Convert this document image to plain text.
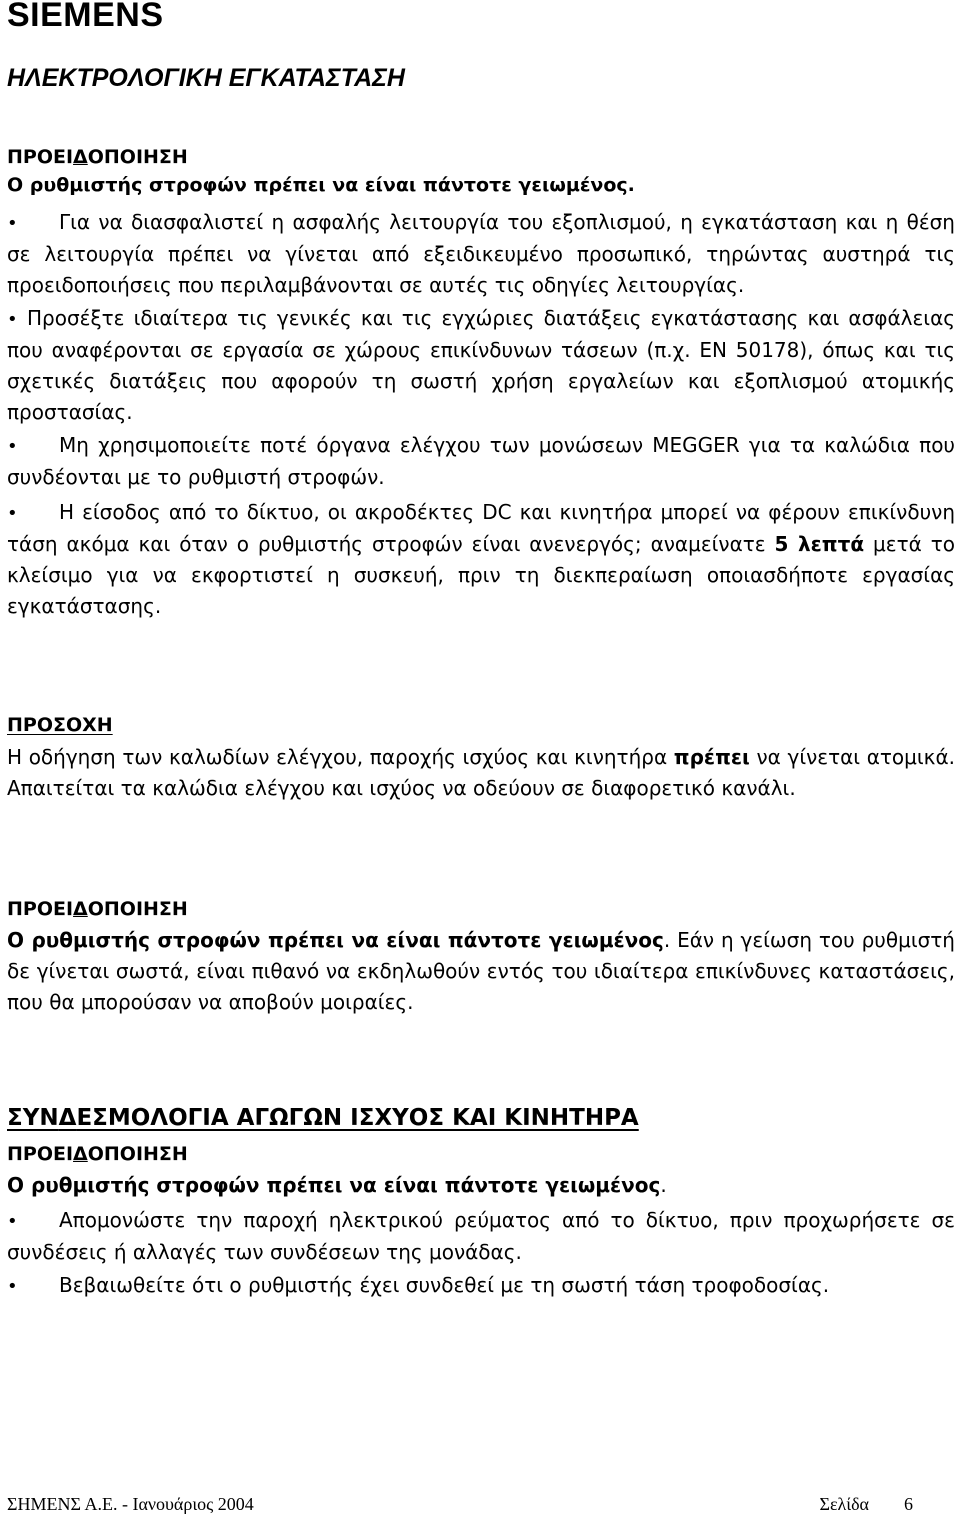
SIEMENS
ΗΛΕΚΤΡΟΛΟΓΙΚΗ ΕΓΚΑΤΑΣΤΑΣΗ
ΠΡΟΕΙΔΟΠΟΙΗΣΗ
Ο ρυθμιστής στροφών πρέπει να είναι πάντοτε γειωμένος.

• Για να διασφαλιστεί η ασφαλής λειτουργία του εξοπλισμού, η εγκατάσταση και η θέση σε λειτουργία πρέπει να γίνεται από εξειδικευμένο προσωπικό, τηρώντας αυστηρά τις προειδοποιήσεις που περιλαμβάνονται σε αυτές τις οδηγίες λειτουργίας.

• Προσέξτε ιδιαίτερα τις γενικές και τις εγχώριες διατάξεις εγκατάστασης και ασφάλειας που αναφέρονται σε εργασία σε χώρους επικίνδυνων τάσεων (π.χ. EN 50178), όπως και τις σχετικές διατάξεις που αφορούν τη σωστή χρήση εργαλείων και εξοπλισμού ατομικής προστασίας.

• Μη χρησιμοποιείτε ποτέ όργανα ελέγχου των μονώσεων MEGGER για τα καλώδια που συνδέονται με το ρυθμιστή στροφών.

• Η είσοδος από το δίκτυο, οι ακροδέκτες DC και κινητήρα μπορεί να φέρουν επικίνδυνη τάση ακόμα και όταν ο ρυθμιστής στροφών είναι ανενεργός; αναμείνατε 5 λεπτά μετά το κλείσιμο για να εκφορτιστεί η συσκευή, πριν τη διεκπεραίωση οποιασδήποτε εργασίας εγκατάστασης.

ΠΡΟΣΟΧΗ

Η οδήγηση των καλωδίων ελέγχου, παροχής ισχύος και κινητήρα πρέπει να γίνεται ατομικά. Απαιτείται τα καλώδια ελέγχου και ισχύος να οδεύουν σε διαφορετικό κανάλι.

ΠΡΟΕΙΔΟΠΟΙΗΣΗ

Ο ρυθμιστής στροφών πρέπει να είναι πάντοτε γειωμένος. Εάν η γείωση του ρυθμιστή δε γίνεται σωστά, είναι πιθανό να εκδηλωθούν εντός του ιδιαίτερα επικίνδυνες καταστάσεις, που θα μπορούσαν να αποβούν μοιραίες.

ΣΥΝΔΕΣΜΟΛΟΓΙΑ ΑΓΩΓΩΝ ΙΣΧΥΟΣ ΚΑΙ ΚΙΝΗΤΗΡΑ
ΠΡΟΕΙΔΟΠΟΙΗΣΗ
Ο ρυθμιστής στροφών πρέπει να είναι πάντοτε γειωμένος.

• Απομονώστε την παροχή ηλεκτρικού ρεύματος από το δίκτυο, πριν προχωρήσετε σε συνδέσεις ή αλλαγές των συνδέσεων της μονάδας.

• Βεβαιωθείτε ότι ο ρυθμιστής έχει συνδεθεί με τη σωστή τάση τροφοδοσίας.

ΣΗΜΕΝΣ Α.Ε. - Ιανουάριος 2004	Σελίδα 6
